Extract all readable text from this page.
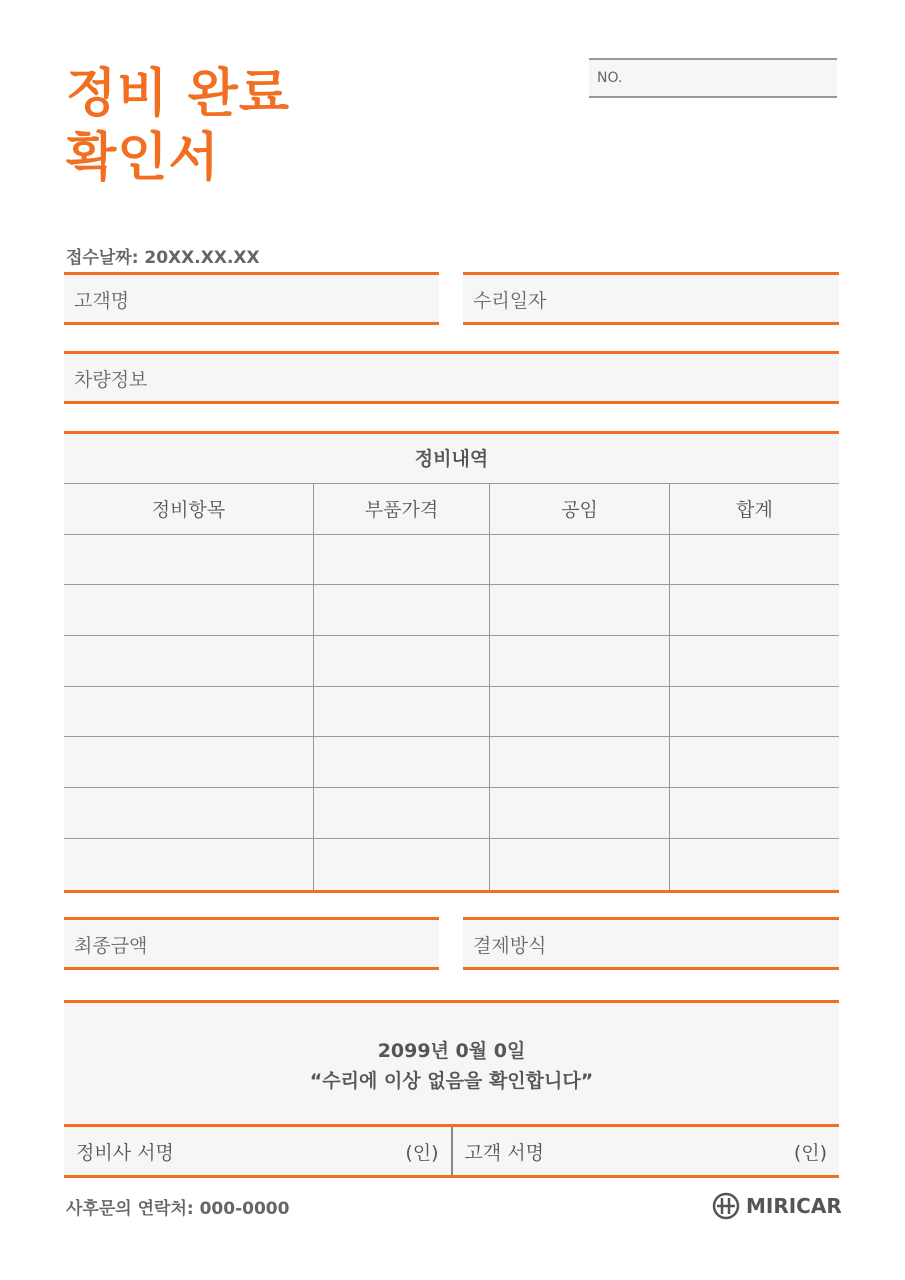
정비 완료
확인서
NO.
접수날짜: 20XX.XX.XX
고객명	수리일자
차량정보
정비내역
정비항목	부품가격	공임	합계
최종금액	결제방식
2099년 0월 0일
“수리에 이상 없음을 확인합니다”
정비사 서명	(인) 고객 서명	(인)
사후문의 연락처: 000-0000	MIRICAR
